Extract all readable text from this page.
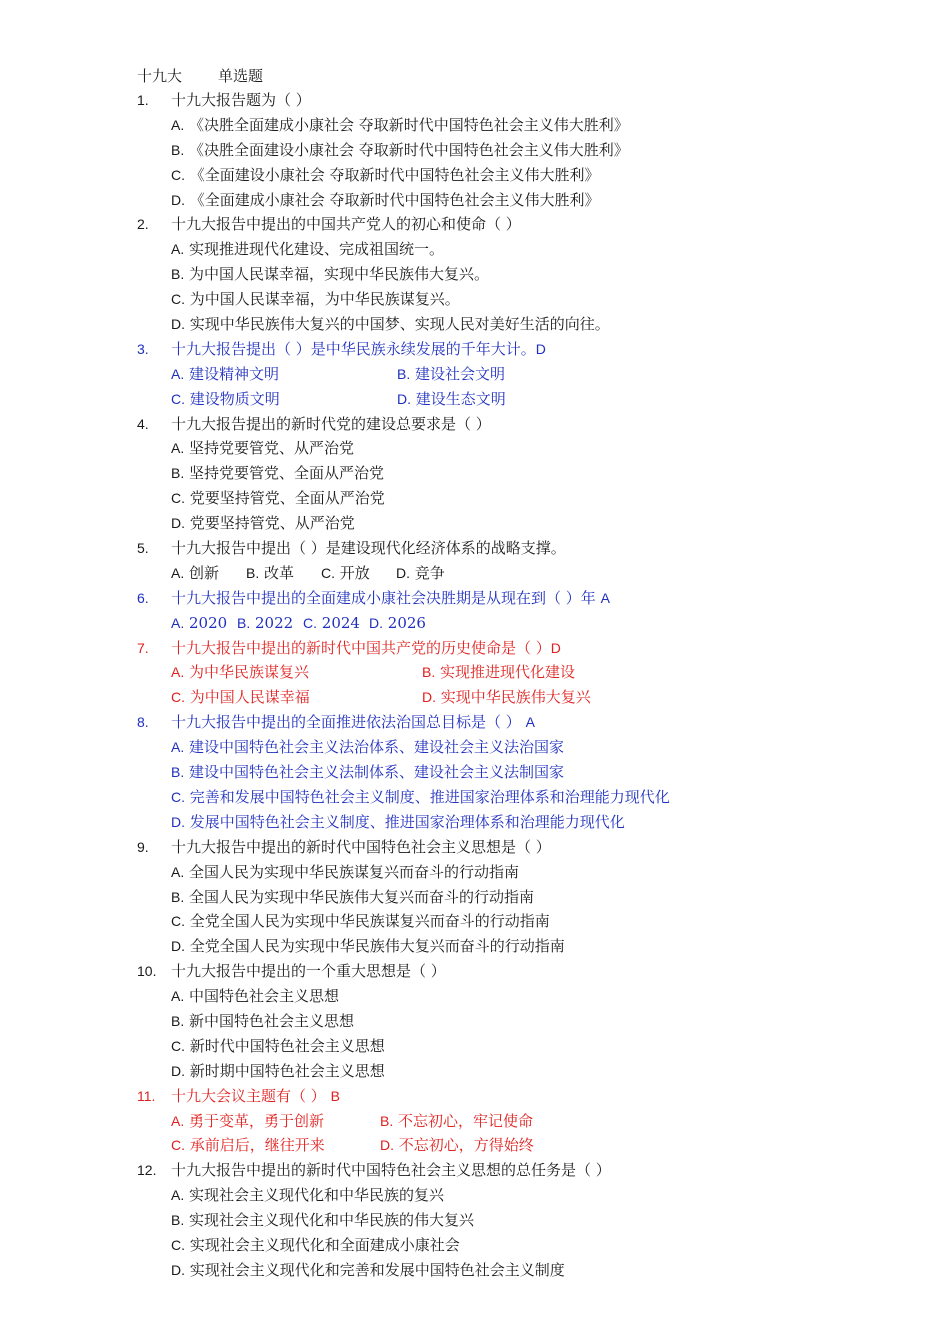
十九大 单选题
1. 十九大报告题为（ ）
A. 《决胜全面建成小康社会 夺取新时代中国特色社会主义伟大胜利》
B. 《决胜全面建设小康社会 夺取新时代中国特色社会主义伟大胜利》
C. 《全面建设小康社会 夺取新时代中国特色社会主义伟大胜利》
D. 《全面建成小康社会 夺取新时代中国特色社会主义伟大胜利》
2. 十九大报告中提出的中国共产党人的初心和使命（ ）
A. 实现推进现代化建设、完成祖国统一。
B. 为中国人民谋幸福，实现中华民族伟大复兴。
C. 为中国人民谋幸福，为中华民族谋复兴。
D. 实现中华民族伟大复兴的中国梦、实现人民对美好生活的向往。
3. 十九大报告提出（ ）是中华民族永续发展的千年大计。D
A. 建设精神文明	B. 建设社会文明
C. 建设物质文明	D. 建设生态文明
4. 十九大报告提出的新时代党的建设总要求是（ ）
A. 坚持党要管党、从严治党
B. 坚持党要管党、全面从严治党
C. 党要坚持管党、全面从严治党
D. 党要坚持管党、从严治党
5. 十九大报告中提出（ ）是建设现代化经济体系的战略支撑。
A. 创新 B. 改革 C. 开放 D. 竞争
6. 十九大报告中提出的全面建成小康社会决胜期是从现在到（ ）年 A
A. 2020 B. 2022 C. 2024 D. 2026
7. 十九大报告中提出的新时代中国共产党的历史使命是（ ）D
A. 为中华民族谋复兴	B. 实现推进现代化建设
C. 为中国人民谋幸福	D. 实现中华民族伟大复兴
8. 十九大报告中提出的全面推进依法治国总目标是（ ） A
A. 建设中国特色社会主义法治体系、建设社会主义法治国家
B. 建设中国特色社会主义法制体系、建设社会主义法制国家
C. 完善和发展中国特色社会主义制度、推进国家治理体系和治理能力现代化
D. 发展中国特色社会主义制度、推进国家治理体系和治理能力现代化
9. 十九大报告中提出的新时代中国特色社会主义思想是（ ）
A. 全国人民为实现中华民族谋复兴而奋斗的行动指南
B. 全国人民为实现中华民族伟大复兴而奋斗的行动指南
C. 全党全国人民为实现中华民族谋复兴而奋斗的行动指南
D. 全党全国人民为实现中华民族伟大复兴而奋斗的行动指南
10. 十九大报告中提出的一个重大思想是（ ）
A. 中国特色社会主义思想
B. 新中国特色社会主义思想
C. 新时代中国特色社会主义思想
D. 新时期中国特色社会主义思想
11. 十九大会议主题有（ ） B
A. 勇于变革，勇于创新	B. 不忘初心，牢记使命
C. 承前启后，继往开来	D. 不忘初心，方得始终
12. 十九大报告中提出的新时代中国特色社会主义思想的总任务是（ ）
A. 实现社会主义现代化和中华民族的复兴
B. 实现社会主义现代化和中华民族的伟大复兴
C. 实现社会主义现代化和全面建成小康社会
D. 实现社会主义现代化和完善和发展中国特色社会主义制度
